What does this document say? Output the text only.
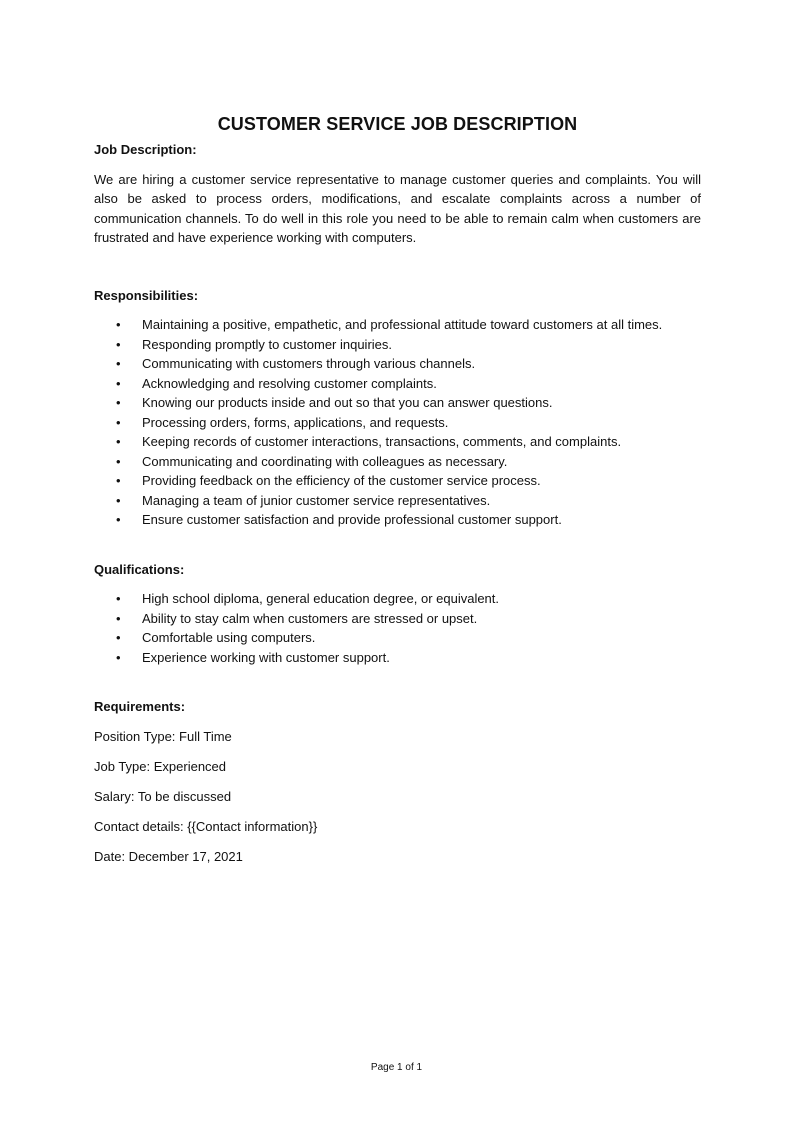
CUSTOMER SERVICE JOB DESCRIPTION

Job Description:

We are hiring a customer service representative to manage customer queries and complaints. You will also be asked to process orders, modifications, and escalate complaints across a number of communication channels. To do well in this role you need to be able to remain calm when customers are frustrated and have experience working with computers.

Responsibilities:

• Maintaining a positive, empathetic, and professional attitude toward customers at all times.
• Responding promptly to customer inquiries.
• Communicating with customers through various channels.
• Acknowledging and resolving customer complaints.
• Knowing our products inside and out so that you can answer questions.
• Processing orders, forms, applications, and requests.
• Keeping records of customer interactions, transactions, comments, and complaints.
• Communicating and coordinating with colleagues as necessary.
• Providing feedback on the efficiency of the customer service process.
• Managing a team of junior customer service representatives.
• Ensure customer satisfaction and provide professional customer support.

Qualifications:

• High school diploma, general education degree, or equivalent.
• Ability to stay calm when customers are stressed or upset.
• Comfortable using computers.
• Experience working with customer support.

Requirements:

Position Type: Full Time

Job Type: Experienced

Salary: To be discussed

Contact details: {{Contact information}}

Date: December 17, 2021

Page 1 of 1
